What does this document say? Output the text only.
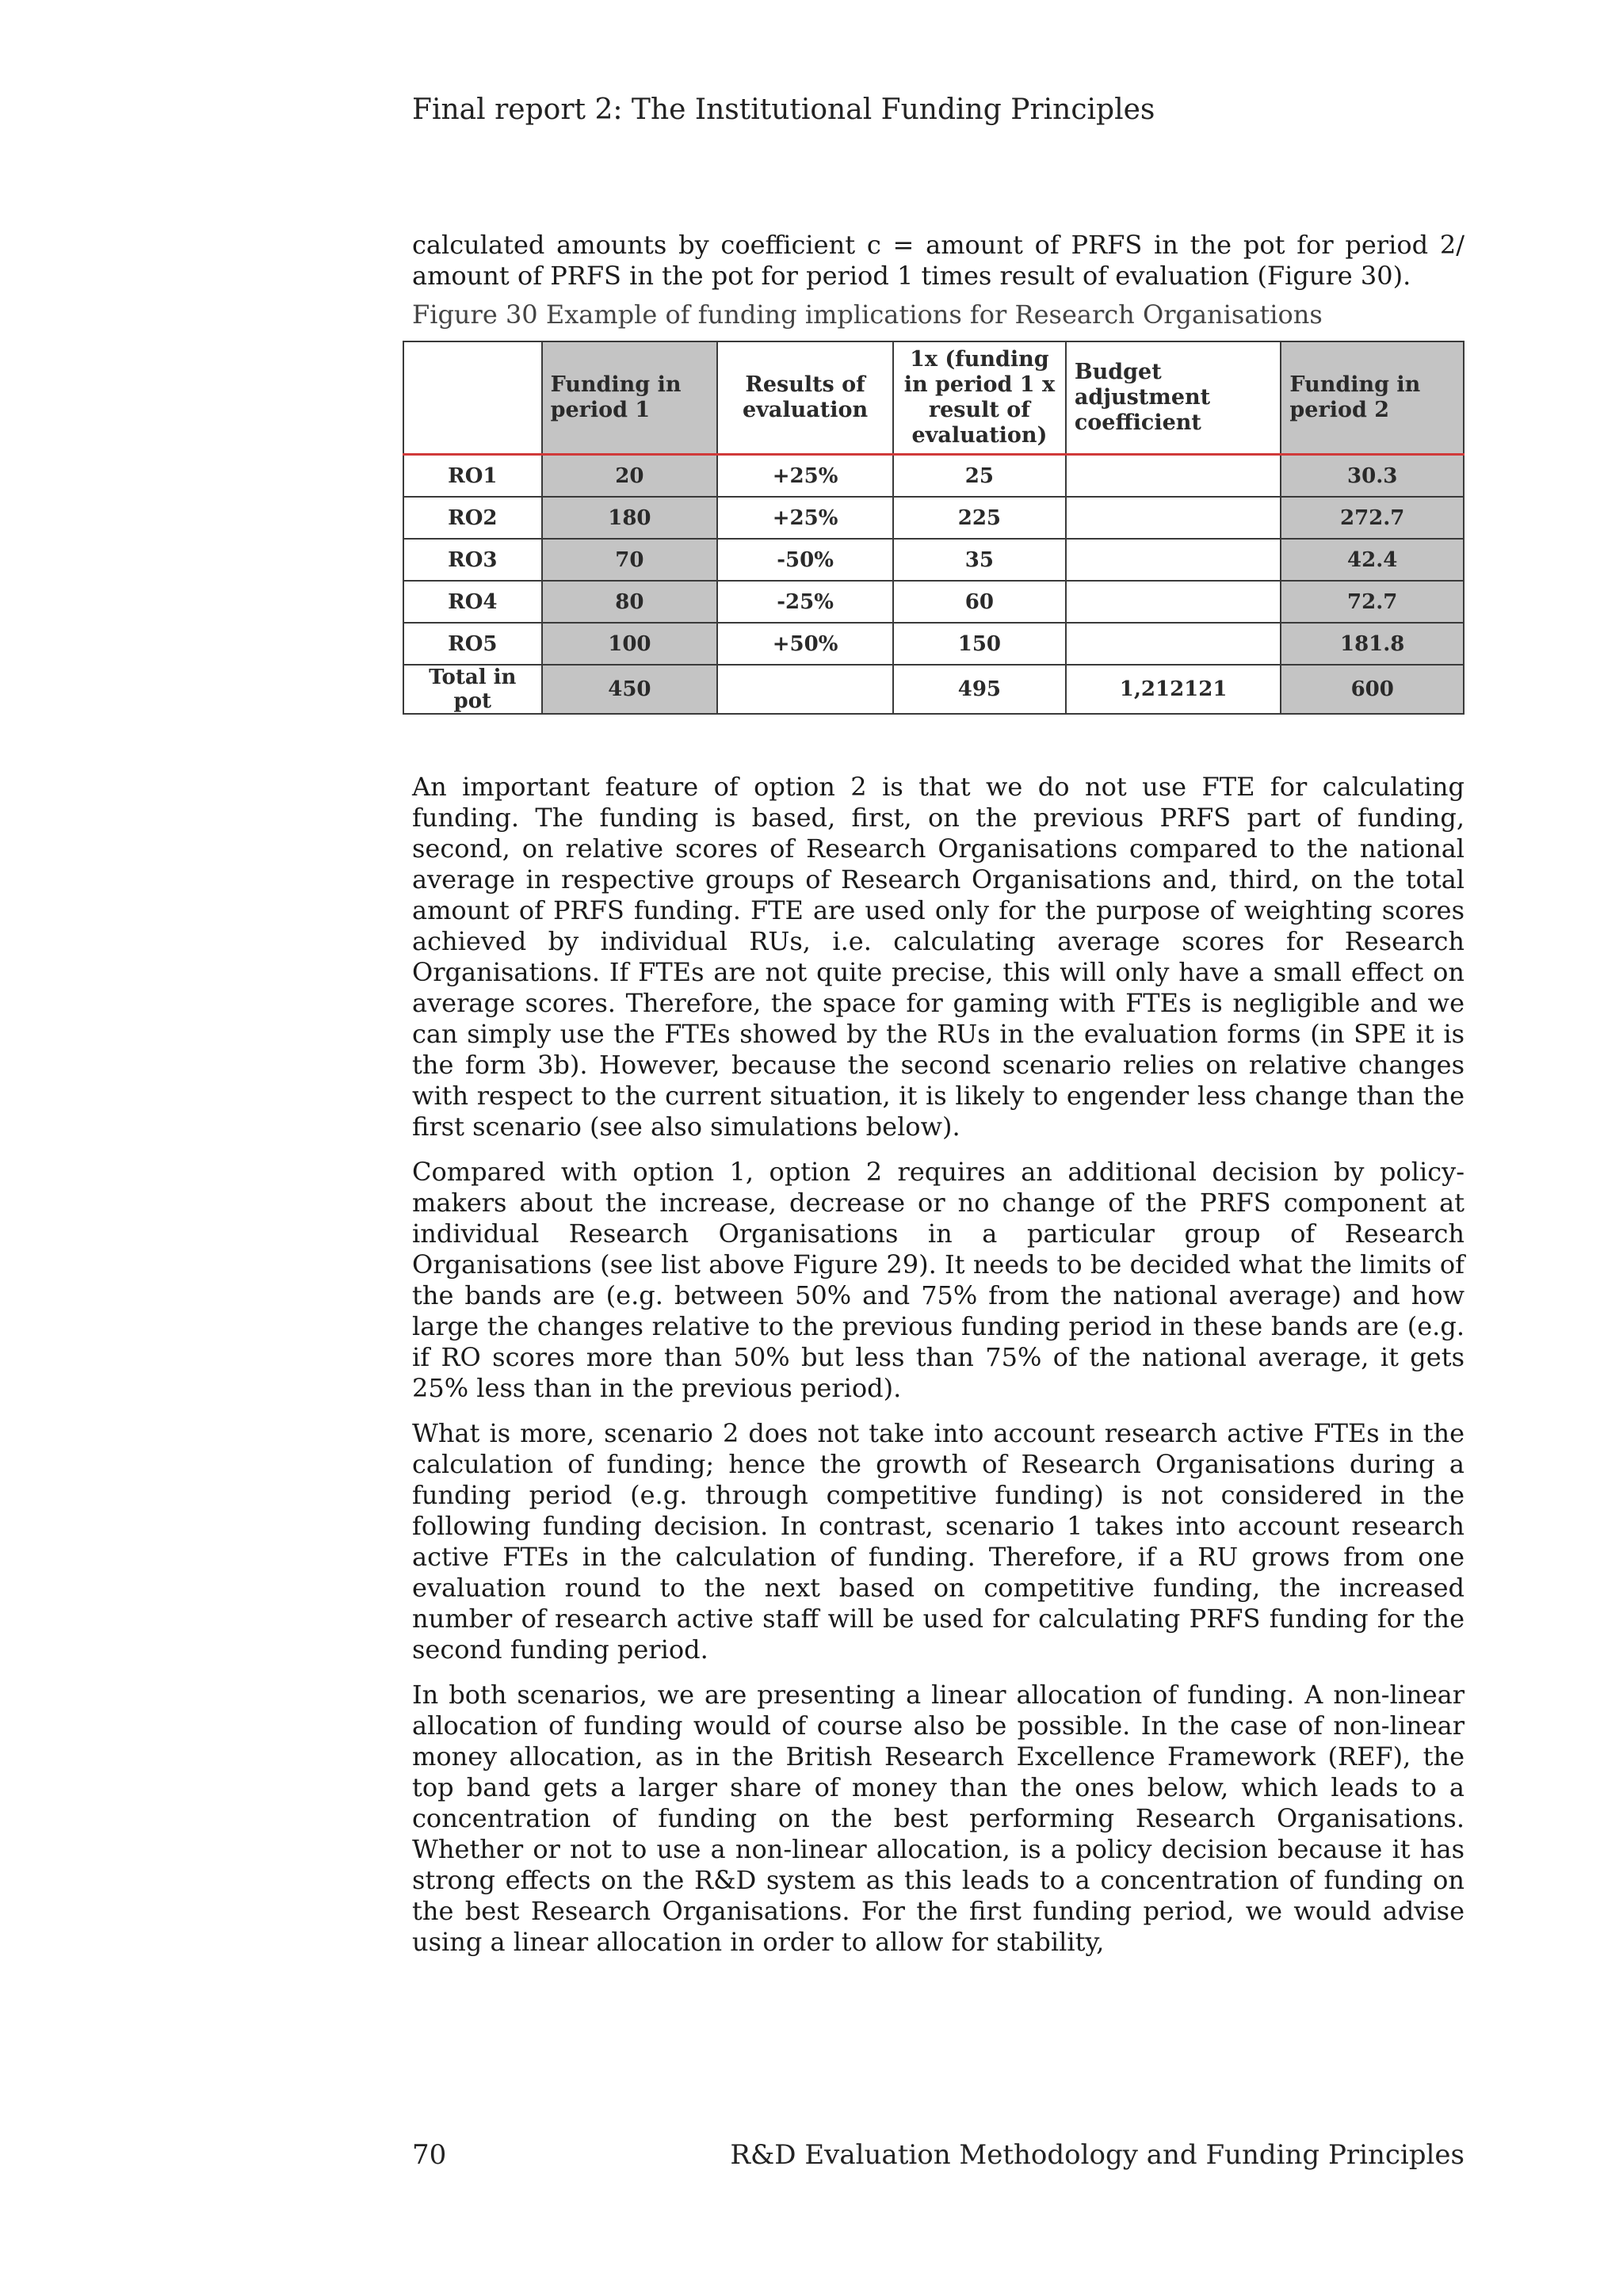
Final report 2: The Institutional Funding Principles

calculated amounts by coefficient c = amount of PRFS in the pot for period 2/ amount of PRFS in the pot for period 1 times result of evaluation (Figure 30).

Figure 30 Example of funding implications for Research Organisations
	Funding in period 1	Results of evaluation	1x (funding in period 1 x result of evaluation)	Budget adjustment coefficient	Funding in period 2
RO1	20	+25%	25		30.3
RO2	180	+25%	225		272.7
RO3	70	-50%	35		42.4
RO4	80	-25%	60		72.7
RO5	100	+50%	150		181.8
Total in pot	450		495	1,212121	600

An important feature of option 2 is that we do not use FTE for calculating funding. The funding is based, first, on the previous PRFS part of funding, second, on relative scores of Research Organisations compared to the national average in respective groups of Research Organisations and, third, on the total amount of PRFS funding. FTE are used only for the purpose of weighting scores achieved by individual RUs, i.e. calculating average scores for Research Organisations. If FTEs are not quite precise, this will only have a small effect on average scores. Therefore, the space for gaming with FTEs is negligible and we can simply use the FTEs showed by the RUs in the evaluation forms (in SPE it is the form 3b). However, because the second scenario relies on relative changes with respect to the current situation, it is likely to engender less change than the first scenario (see also simulations below).

Compared with option 1, option 2 requires an additional decision by policy-makers about the increase, decrease or no change of the PRFS component at individual Research Organisations in a particular group of Research Organisations (see list above Figure 29). It needs to be decided what the limits of the bands are (e.g. between 50% and 75% from the national average) and how large the changes relative to the previous funding period in these bands are (e.g. if RO scores more than 50% but less than 75% of the national average, it gets 25% less than in the previous period).

What is more, scenario 2 does not take into account research active FTEs in the calculation of funding; hence the growth of Research Organisations during a funding period (e.g. through competitive funding) is not considered in the following funding decision. In contrast, scenario 1 takes into account research active FTEs in the calculation of funding. Therefore, if a RU grows from one evaluation round to the next based on competitive funding, the increased number of research active staff will be used for calculating PRFS funding for the second funding period.

In both scenarios, we are presenting a linear allocation of funding. A non-linear allocation of funding would of course also be possible. In the case of non-linear money allocation, as in the British Research Excellence Framework (REF), the top band gets a larger share of money than the ones below, which leads to a concentration of funding on the best performing Research Organisations. Whether or not to use a non-linear allocation, is a policy decision because it has strong effects on the R&D system as this leads to a concentration of funding on the best Research Organisations. For the first funding period, we would advise using a linear allocation in order to allow for stability,

70	R&D Evaluation Methodology and Funding Principles
